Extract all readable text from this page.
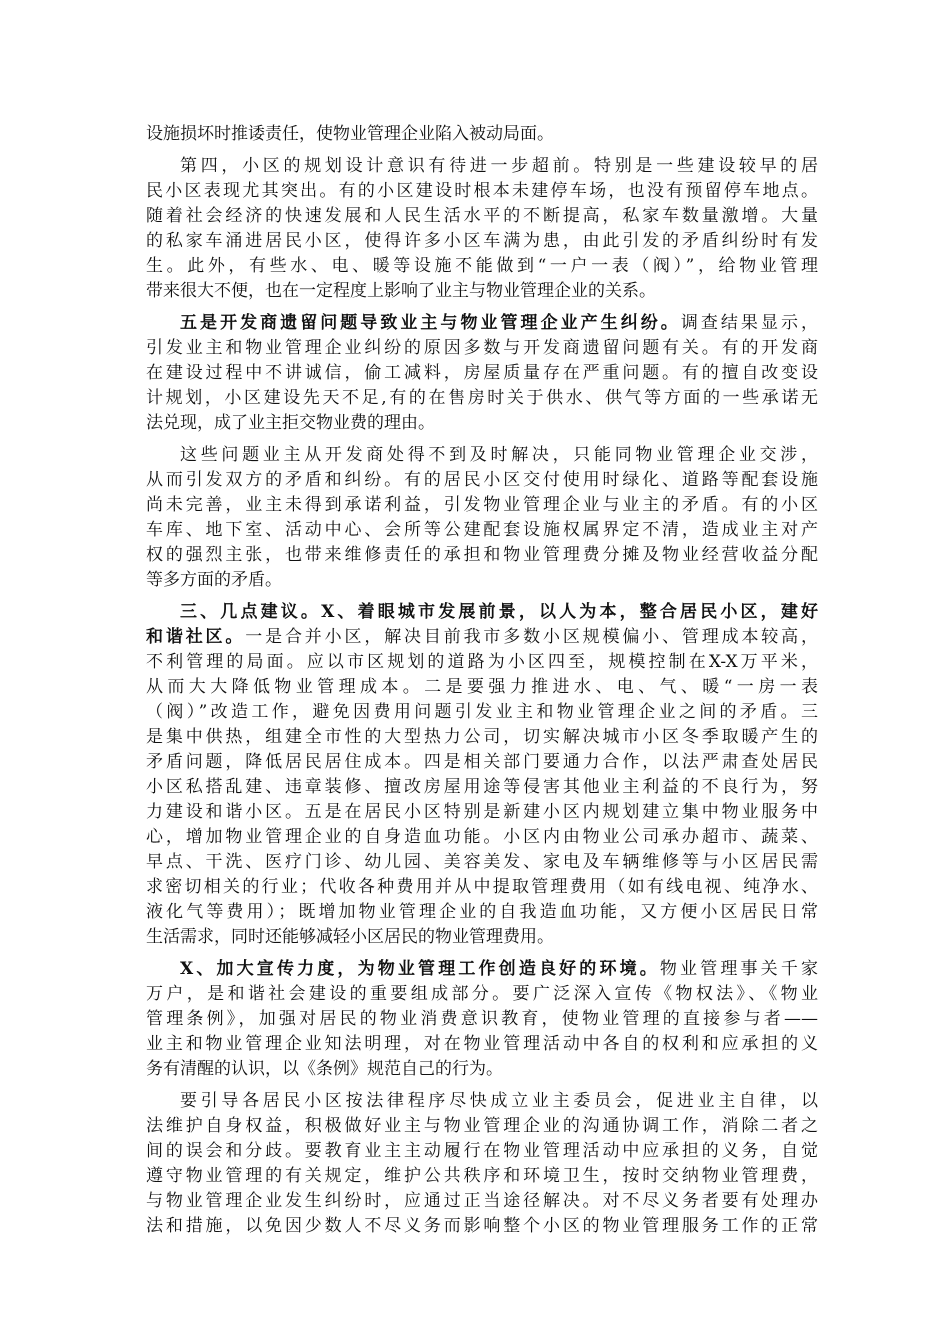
设施损坏时推诿责任，使物业管理企业陷入被动局面。
第四，小区的规划设计意识有待进一步超前。特别是一些建设较早的居
民小区表现尤其突出。有的小区建设时根本未建停车场，也没有预留停车地点。
随着社会经济的快速发展和人民生活水平的不断提高，私家车数量激增。大量
的私家车涌进居民小区，使得许多小区车满为患，由此引发的矛盾纠纷时有发
生。此外，有些水、电、暖等设施不能做到“一户一表（阀）”，给物业管理
带来很大不便，也在一定程度上影响了业主与物业管理企业的关系。
五是开发商遗留问题导致业主与物业管理企业产生纠纷。调查结果显示，
引发业主和物业管理企业纠纷的原因多数与开发商遗留问题有关。有的开发商
在建设过程中不讲诚信，偷工减料，房屋质量存在严重问题。有的擅自改变设
计规划，小区建设先天不足,有的在售房时关于供水、供气等方面的一些承诺无
法兑现，成了业主拒交物业费的理由。
这些问题业主从开发商处得不到及时解决，只能同物业管理企业交涉，
从而引发双方的矛盾和纠纷。有的居民小区交付使用时绿化、道路等配套设施
尚未完善，业主未得到承诺利益，引发物业管理企业与业主的矛盾。有的小区
车库、地下室、活动中心、会所等公建配套设施权属界定不清，造成业主对产
权的强烈主张，也带来维修责任的承担和物业管理费分摊及物业经营收益分配
等多方面的矛盾。
三、几点建议。X、着眼城市发展前景，以人为本，整合居民小区，建好
和谐社区。一是合并小区，解决目前我市多数小区规模偏小、管理成本较高，
不利管理的局面。应以市区规划的道路为小区四至，规模控制在X-X万平米，
从而大大降低物业管理成本。二是要强力推进水、电、气、暖“一房一表
（阀）”改造工作，避免因费用问题引发业主和物业管理企业之间的矛盾。三
是集中供热，组建全市性的大型热力公司，切实解决城市小区冬季取暖产生的
矛盾问题，降低居民居住成本。四是相关部门要通力合作，以法严肃查处居民
小区私搭乱建、违章装修、擅改房屋用途等侵害其他业主利益的不良行为，努
力建设和谐小区。五是在居民小区特别是新建小区内规划建立集中物业服务中
心，增加物业管理企业的自身造血功能。小区内由物业公司承办超市、蔬菜、
早点、干洗、医疗门诊、幼儿园、美容美发、家电及车辆维修等与小区居民需
求密切相关的行业；代收各种费用并从中提取管理费用（如有线电视、纯净水、
液化气等费用）；既增加物业管理企业的自我造血功能，又方便小区居民日常
生活需求，同时还能够减轻小区居民的物业管理费用。
X、加大宣传力度，为物业管理工作创造良好的环境。物业管理事关千家
万户，是和谐社会建设的重要组成部分。要广泛深入宣传《物权法》、《物业
管理条例》，加强对居民的物业消费意识教育，使物业管理的直接参与者——
业主和物业管理企业知法明理，对在物业管理活动中各自的权利和应承担的义
务有清醒的认识，以《条例》规范自己的行为。
要引导各居民小区按法律程序尽快成立业主委员会，促进业主自律，以
法维护自身权益，积极做好业主与物业管理企业的沟通协调工作，消除二者之
间的误会和分歧。要教育业主主动履行在物业管理活动中应承担的义务，自觉
遵守物业管理的有关规定，维护公共秩序和环境卫生，按时交纳物业管理费，
与物业管理企业发生纠纷时，应通过正当途径解决。对不尽义务者要有处理办
法和措施，以免因少数人不尽义务而影响整个小区的物业管理服务工作的正常
